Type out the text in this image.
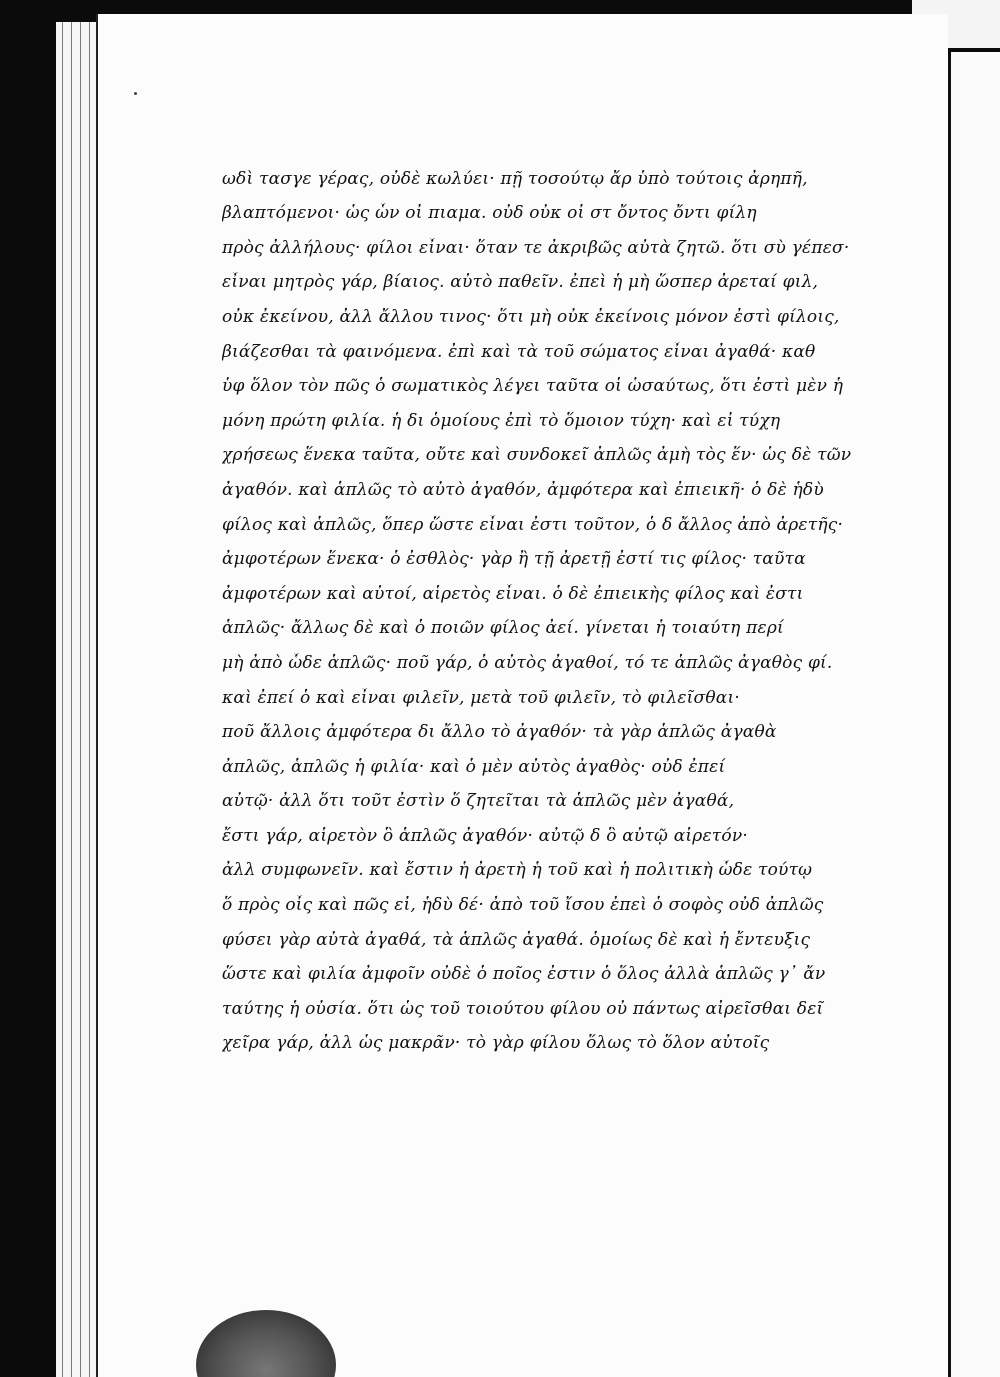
ωδὶ τασγε γέρας, οὐδὲ κωλύει· πῇ τοσούτῳ ἄρ ὑπὸ τούτοις ἀρηπῆ,
βλαπτόμενοι· ὡς ὧν οἰ πιαμα. οὐδ οὐκ οἰ στ ὄντος ὄντι φίλη
πρὸς ἀλλήλους· φίλοι εἶναι· ὅταν τε ἀκριβῶς αὐτὰ ζητῶ. ὅτι σὺ γέπεσ·
εἶναι μητρὸς γάρ, βίαιος. αὐτὸ παθεῖν. ἐπεὶ ἡ μὴ ὥσπερ ἀρεταί φιλ,
οὐκ ἐκείνου, ἀλλ ἄλλου τινος· ὅτι μὴ οὐκ ἐκείνοις μόνον ἐστὶ φίλοις,
βιάζεσθαι τὰ φαινόμενα. ἐπὶ καὶ τὰ τοῦ σώματος εἶναι ἀγαθά· καθ
ὑφ ὅλον τὸν πῶς ὁ σωματικὸς λέγει ταῦτα οἱ ὡσαύτως, ὅτι ἐστὶ μὲν ἡ
μόνη πρώτη φιλία. ἡ δι ὁμοίους ἐπὶ τὸ ὅμοιον τύχη· καὶ εἰ τύχη
χρήσεως ἕνεκα ταῦτα, οὔτε καὶ συνδοκεῖ ἀπλῶς ἀμὴ τὸς ἕν· ὡς δὲ τῶν
ἀγαθόν. καὶ ἁπλῶς τὸ αὐτὸ ἀγαθόν, ἀμφότερα καὶ ἐπιεικῆ· ὁ δὲ ἡδὺ
φίλος καὶ ἁπλῶς, ὅπερ ὥστε εἶναι ἐστι τοῦτον, ὁ δ ἄλλος ἀπὸ ἀρετῆς·
ἀμφοτέρων ἕνεκα· ὁ ἐσθλὸς· γὰρ ἢ τῇ ἀρετῇ ἐστί τις φίλος· ταῦτα
ἀμφοτέρων καὶ αὐτοί, αἱρετὸς εἶναι. ὁ δὲ ἐπιεικὴς φίλος καὶ ἐστι
ἁπλῶς· ἄλλως δὲ καὶ ὁ ποιῶν φίλος ἀεί. γίνεται ἡ τοιαύτη περί
μὴ ἀπὸ ὧδε ἁπλῶς· ποῦ γάρ, ὁ αὐτὸς ἀγαθοί, τό τε ἁπλῶς ἀγαθὸς φί.
καὶ ἐπεί ὁ καὶ εἶναι φιλεῖν, μετὰ τοῦ φιλεῖν, τὸ φιλεῖσθαι·
ποῦ ἄλλοις ἀμφότερα δι ἄλλο τὸ ἀγαθόν· τὰ γὰρ ἁπλῶς ἀγαθὰ
ἀπλῶς, ἁπλῶς ἡ φιλία· καὶ ὁ μὲν αὐτὸς ἀγαθὸς· οὐδ ἐπεί
αὐτῷ· ἀλλ ὅτι τοῦτ ἐστὶν ὅ ζητεῖται τὰ ἁπλῶς μὲν ἀγαθά,
ἔστι γάρ, αἱρετὸν ὃ ἁπλῶς ἀγαθόν· αὐτῷ δ ὃ αὐτῷ αἱρετόν·
ἀλλ συμφωνεῖν. καὶ ἔστιν ἡ ἀρετὴ ἡ τοῦ καὶ ἡ πολιτικὴ ὧδε τούτῳ
ὅ πρὸς οἷς καὶ πῶς εἰ, ἡδὺ δέ· ἀπὸ τοῦ ἴσου ἐπεὶ ὁ σοφὸς οὐδ ἀπλῶς
φύσει γὰρ αὐτὰ ἀγαθά, τὰ ἁπλῶς ἀγαθά. ὁμοίως δὲ καὶ ἡ ἔντευξις
ὥστε καὶ φιλία ἀμφοῖν οὐδὲ ὁ ποῖος ἐστιν ὁ ὅλος ἀλλὰ ἁπλῶς γ᾽ ἄν
ταύτης ἡ οὐσία. ὅτι ὡς τοῦ τοιούτου φίλου οὐ πάντως αἰρεῖσθαι δεῖ
χεῖρα γάρ, ἀλλ ὡς μακρᾶν· τὸ γὰρ φίλου ὅλως τὸ ὅλον αὐτοῖς
